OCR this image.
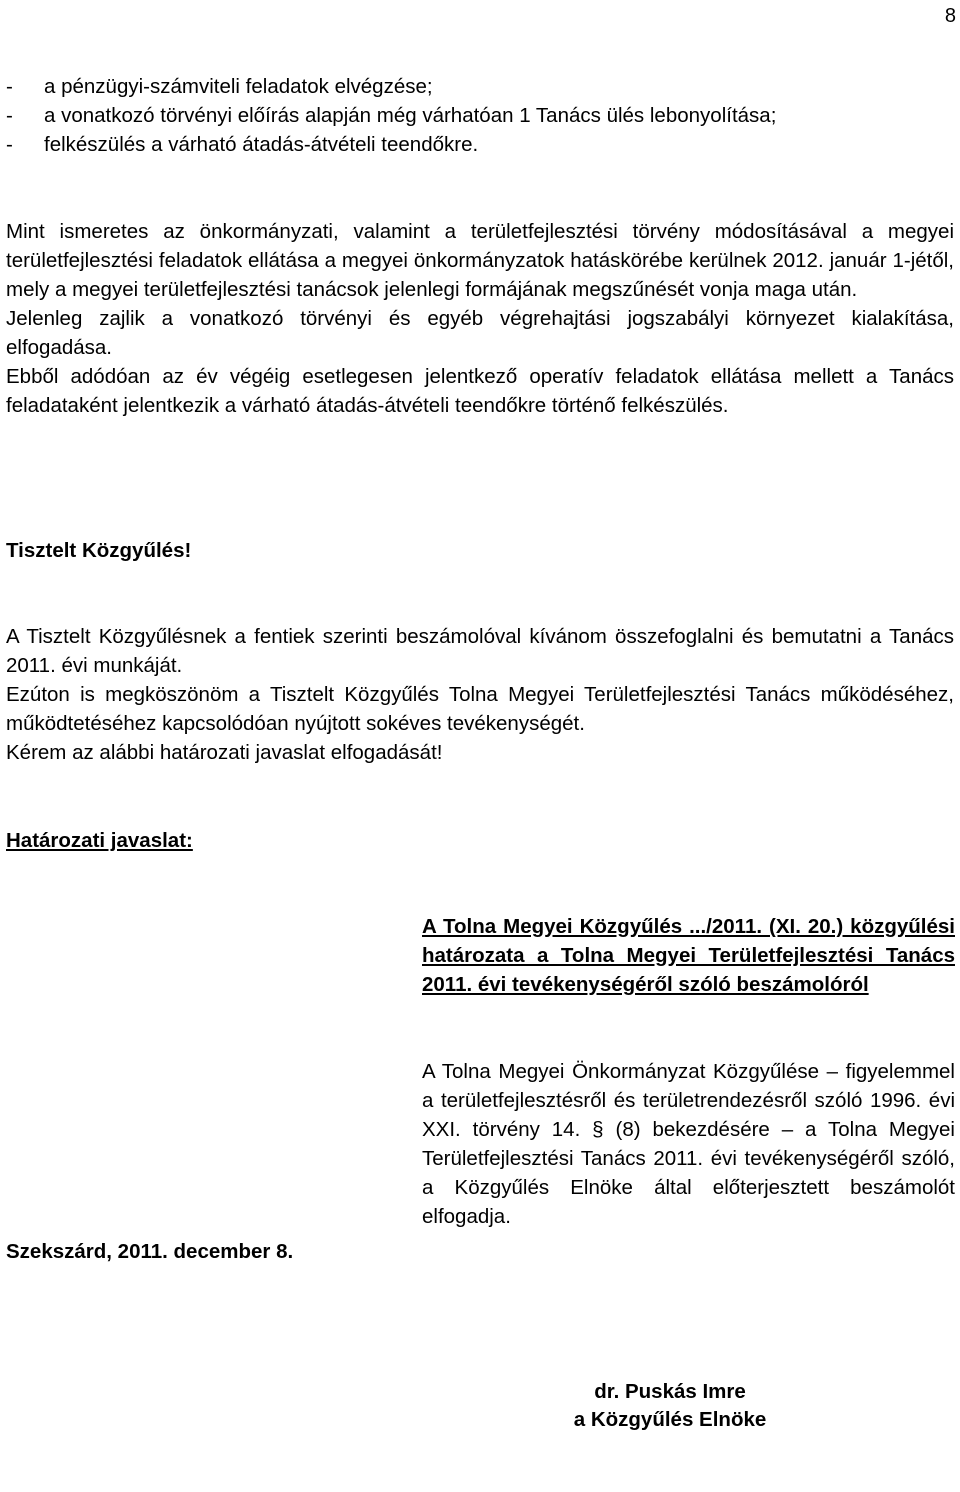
8
-	a pénzügyi-számviteli feladatok elvégzése;
-	a vonatkozó törvényi előírás alapján még várhatóan 1 Tanács ülés lebonyolítása;
-	felkészülés a várható átadás-átvételi teendőkre.

Mint ismeretes az önkormányzati, valamint a területfejlesztési törvény módosításával a megyei területfejlesztési feladatok ellátása a megyei önkormányzatok hatáskörébe kerülnek 2012. január 1-jétől, mely a megyei területfejlesztési tanácsok jelenlegi formájának megszűnését vonja maga után.

Jelenleg zajlik a vonatkozó törvényi és egyéb végrehajtási jogszabályi környezet kialakítása, elfogadása.

Ebből adódóan az év végéig esetlegesen jelentkező operatív feladatok ellátása mellett a Tanács feladataként jelentkezik a várható átadás-átvételi teendőkre történő felkészülés.

Tisztelt Közgyűlés!

A Tisztelt Közgyűlésnek a fentiek szerinti beszámolóval kívánom összefoglalni és bemutatni a Tanács 2011. évi munkáját.

Ezúton is megköszönöm a Tisztelt Közgyűlés Tolna Megyei Területfejlesztési Tanács működéséhez, működtetéséhez kapcsolódóan nyújtott sokéves tevékenységét.

Kérem az alábbi határozati javaslat elfogadását!

Határozati javaslat:
A Tolna Megyei Közgyűlés .../2011. (XI. 20.) közgyűlési határozata a Tolna Megyei Területfejlesztési Tanács 2011. évi tevékenységéről szóló beszámolóról
A Tolna Megyei Önkormányzat Közgyűlése – figyelemmel a területfejlesztésről és területrendezésről szóló 1996. évi XXI. törvény 14. § (8) bekezdésére – a Tolna Megyei Területfejlesztési Tanács 2011. évi tevékenységéről szóló, a Közgyűlés Elnöke által előterjesztett beszámolót elfogadja.
Szekszárd, 2011. december 8.
dr. Puskás Imre
a Közgyűlés Elnöke
